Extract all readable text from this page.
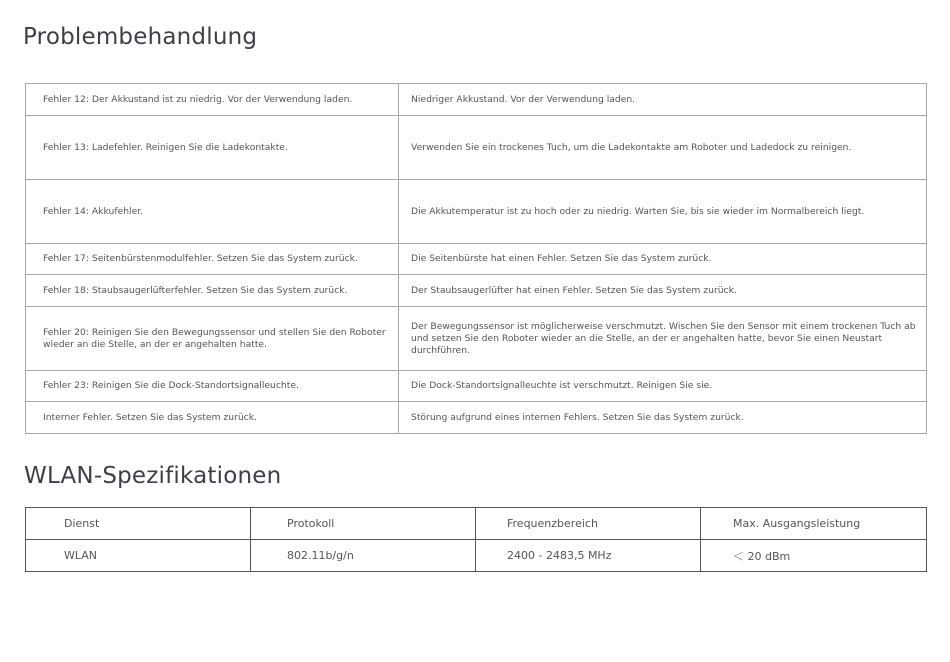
Problembehandlung
Fehler 12: Der Akkustand ist zu niedrig. Vor der Verwendung laden.	Niedriger Akkustand. Vor der Verwendung laden.
Fehler 13: Ladefehler. Reinigen Sie die Ladekontakte.	Verwenden Sie ein trockenes Tuch, um die Ladekontakte am Roboter und Ladedock zu reinigen.
Fehler 14: Akkufehler.	Die Akkutemperatur ist zu hoch oder zu niedrig. Warten Sie, bis sie wieder im Normalbereich liegt.
Fehler 17: Seitenbürstenmodulfehler. Setzen Sie das System zurück.	Die Seitenbürste hat einen Fehler. Setzen Sie das System zurück.
Fehler 18: Staubsaugerlüfterfehler. Setzen Sie das System zurück.	Der Staubsaugerlüfter hat einen Fehler. Setzen Sie das System zurück.
Fehler 20: Reinigen Sie den Bewegungssensor und stellen Sie den Roboter wieder an die Stelle, an der er angehalten hatte.	Der Bewegungssensor ist möglicherweise verschmutzt. Wischen Sie den Sensor mit einem trockenen Tuch ab und setzen Sie den Roboter wieder an die Stelle, an der er angehalten hatte, bevor Sie einen Neustart durchführen.
Fehler 23: Reinigen Sie die Dock-Standortsignalleuchte.	Die Dock-Standortsignalleuchte ist verschmutzt. Reinigen Sie sie.
Interner Fehler. Setzen Sie das System zurück.	Störung aufgrund eines internen Fehlers. Setzen Sie das System zurück.
WLAN-Spezifikationen
Dienst	Protokoll	Frequenzbereich	Max. Ausgangsleistung
WLAN	802.11b/g/n	2400 - 2483,5 MHz	＜ 20 dBm
